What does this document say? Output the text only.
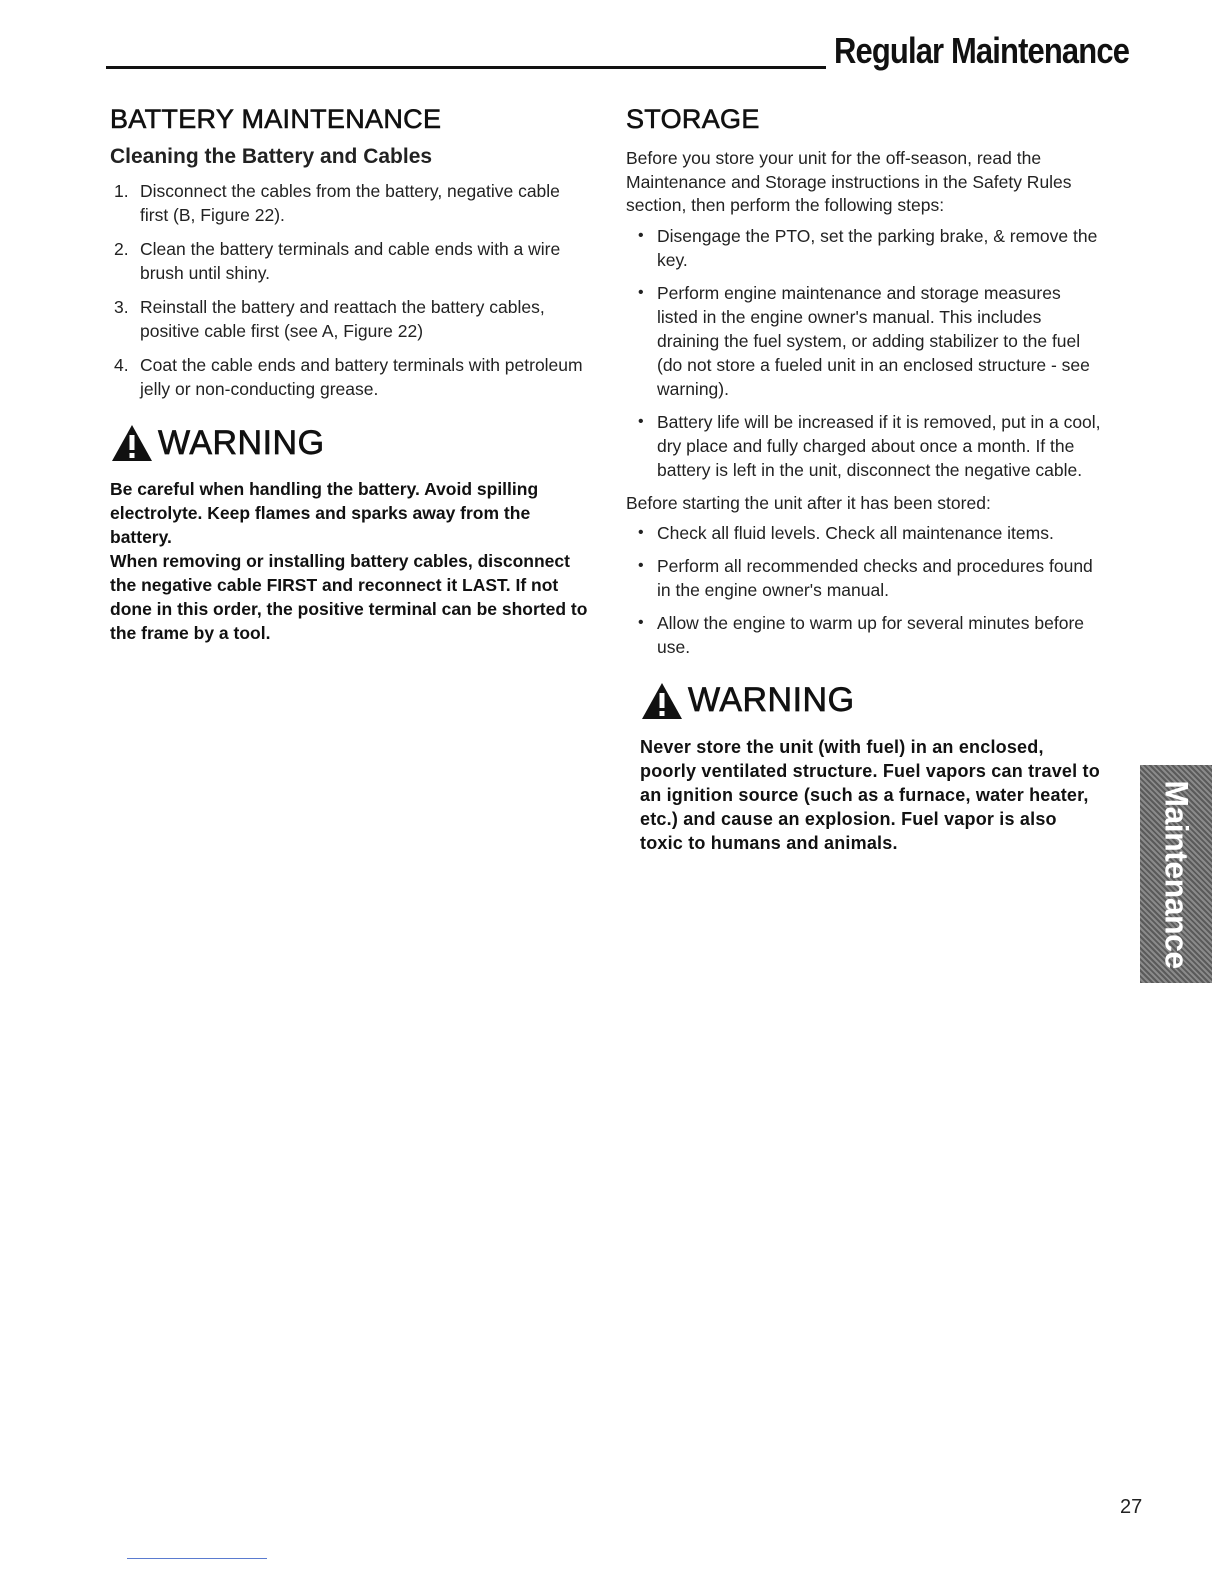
Regular Maintenance
BATTERY MAINTENANCE
Cleaning the Battery and Cables
1. Disconnect the cables from the battery, negative cable first (B, Figure 22).
2. Clean the battery terminals and cable ends with a wire brush until shiny.
3. Reinstall the battery and reattach the battery cables, positive cable first (see A, Figure 22)
4. Coat the cable ends and battery terminals with petroleum jelly or non-conducting grease.
WARNING

Be careful when handling the battery. Avoid spilling electrolyte. Keep flames and sparks away from the battery.

When removing or installing battery cables, disconnect the negative cable FIRST and reconnect it LAST. If not done in this order, the positive terminal can be shorted to the frame by a tool.

STORAGE

Before you store your unit for the off-season, read the Maintenance and Storage instructions in the Safety Rules section, then perform the following steps:

• Disengage the PTO, set the parking brake, & remove the key.
• Perform engine maintenance and storage measures listed in the engine owner's manual. This includes draining the fuel system, or adding stabilizer to the fuel (do not store a fueled unit in an enclosed structure - see warning).
• Battery life will be increased if it is removed, put in a cool, dry place and fully charged about once a month. If the battery is left in the unit, disconnect the negative cable.

Before starting the unit after it has been stored:

• Check all fluid levels. Check all maintenance items.
• Perform all recommended checks and procedures found in the engine owner's manual.
• Allow the engine to warm up for several minutes before use.
WARNING

Never store the unit (with fuel) in an enclosed, poorly ventilated structure. Fuel vapors can travel to an ignition source (such as a furnace, water heater, etc.) and cause an explosion. Fuel vapor is also toxic to humans and animals.	Maintenance
27
